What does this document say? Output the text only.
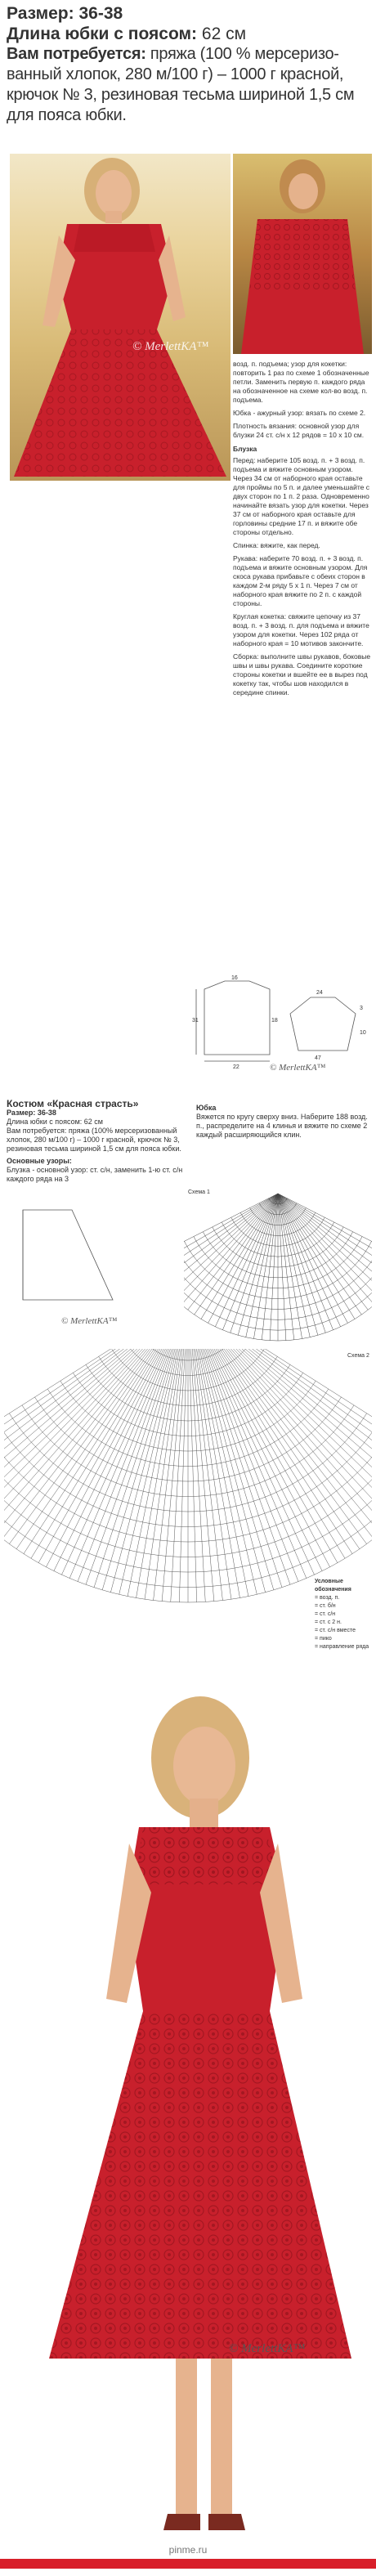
Размер: 36-38
Длина юбки с поясом: 62 см
Вам потребуется: пряжа (100 % мерсеризованный хлопок, 280 м/100 г) – 1000 г красной, крючок № 3, резиновая тесьма шириной 1,5 см для пояса юбки.
© MerlettKA™

возд. п. подъема; узор для кокетки: повторить 1 раз по схеме 1 обозначенные петли. Заменить первую п. каждого ряда на обозначенное на схеме кол-во возд. п. подъема.

Юбка - ажурный узор: вязать по схеме 2.

Плотность вязания: основной узор для блузки 24 ст. с/н х 12 рядов = 10 х 10 см.

Блузка

Перед: наберите 105 возд. п. + 3 возд. п. подъема и вяжите основным узором. Через 34 см от наборного края оставьте для проймы по 5 п. и далее уменьшайте с двух сторон по 1 п. 2 раза. Одновременно начинайте вязать узор для кокетки. Через 37 см от наборного края оставьте для горловины средние 17 п. и вяжите обе стороны отдельно.

Спинка: вяжите, как перед.

Рукава: наберите 70 возд. п. + 3 возд. п. подъема и вяжите основным узором. Для скоса рукава прибавьте с обеих сторон в каждом 2-м ряду 5 х 1 п. Через 7 см от наборного края вяжите по 2 п. с каждой стороны.

Круглая кокетка: свяжите цепочку из 37 возд. п. + 3 возд. п. для подъема и вяжите узором для кокетки. Через 102 ряда от наборного края = 10 мотивов закончите.

Сборка: выполните швы рукавов, боковые швы и швы рукава. Соедините короткие стороны кокетки и вшейте ее в вырез под кокетку так, чтобы шов находился в середине спинки.

16
31	18
22
24
3
47
10
© MerlettKA™
Костюм «Красная страсть»
Размер: 36-38
Длина юбки с поясом: 62 см
Вам потребуется: пряжа (100% мерсеризованный хлопок, 280 м/100 г) – 1000 г красной, крючок № 3, резиновая тесьма шириной 1,5 см для пояса юбки.
Основные узоры:
Блузка - основной узор: ст. с/н, заменить 1-ю ст. с/н каждого ряда на 3
Юбка
Вяжется по кругу сверху вниз. Наберите 188 возд. п., распределите на 4 клинья и вяжите по схеме 2 каждый расширяющийся клин.
© MerlettKA™
Схема 1
Схема 2
Условные обозначения
= возд. п.
= ст. б/н
= ст. с/н
= ст. с 2 н.
= ст. с/н вместе
= пико
= направление ряда
© MerlettKA™
pinme.ru
